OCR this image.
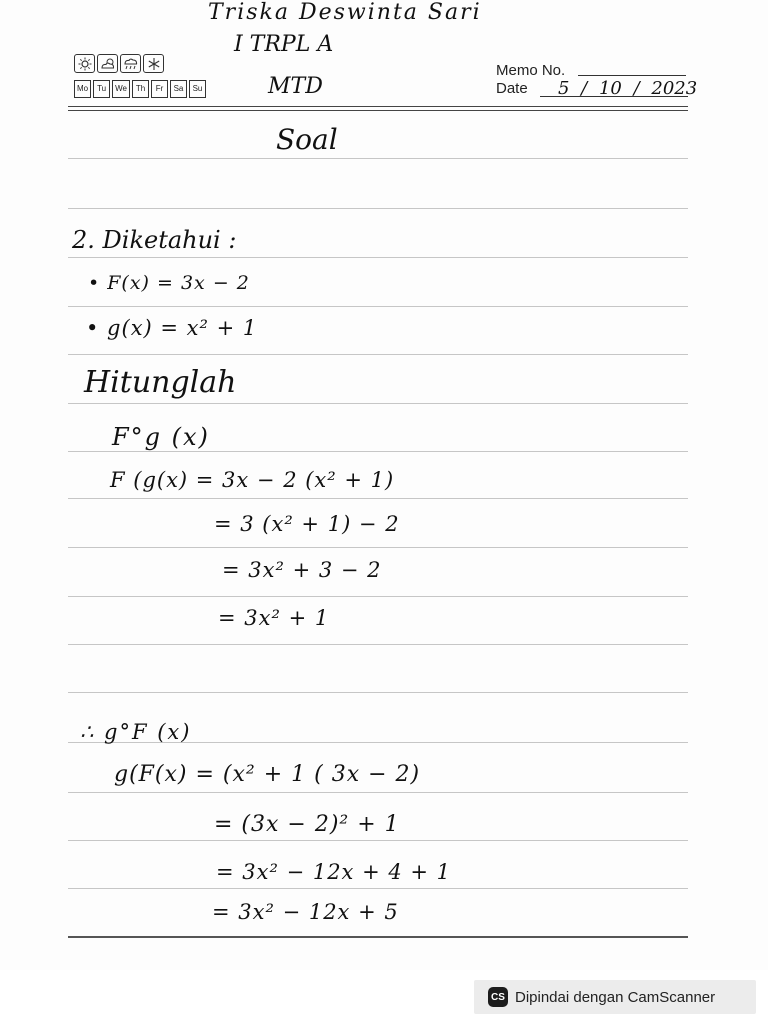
Triska Deswinta Sari
I TRPL A
MTD
Mo	Tu	We	Th	Fr	Sa	Su
Memo No.
Date 5 / 10 / 2023
Soal
2. Diketahui :
• F(x) = 3x − 2
• g(x) = x² + 1
Hitunglah
F°g (x)
F (g(x) = 3x − 2 (x² + 1)
= 3 (x² + 1) − 2
= 3x² + 3 − 2
= 3x² + 1
∴ g°F (x)
g(F(x) = (x² + 1 ( 3x − 2)
= (3x − 2)² + 1
= 3x² − 12x + 4 + 1
= 3x² − 12x + 5
CS Dipindai dengan CamScanner
